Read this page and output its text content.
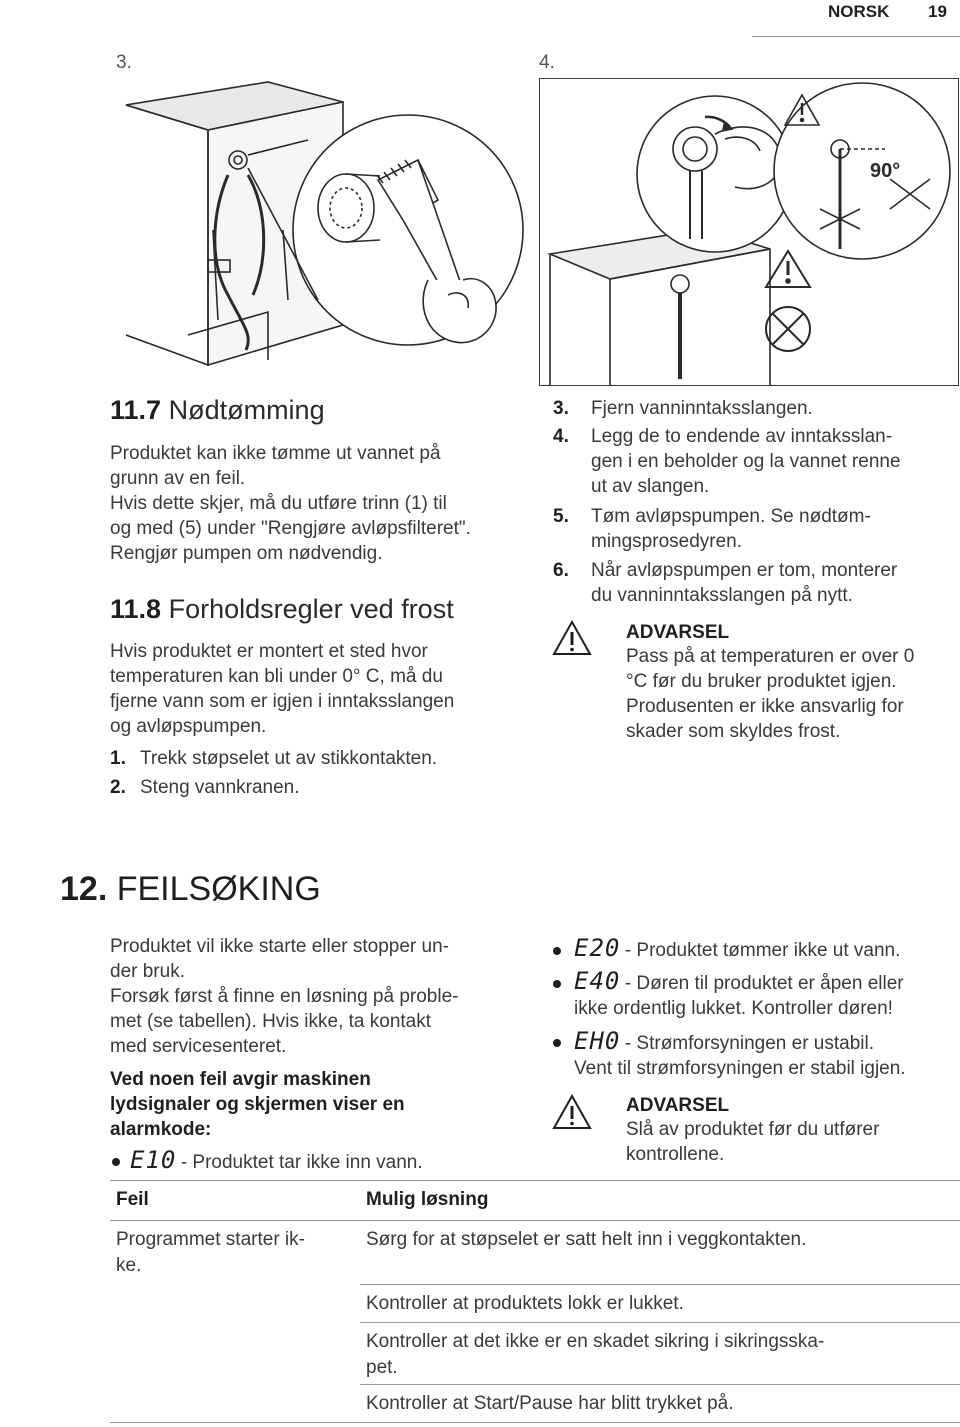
NORSK 19
3.	4.
90°
11.7 Nødtømming
Produktet kan ikke tømme ut vannet på
grunn av en feil.
Hvis dette skjer, må du utføre trinn (1) til
og med (5) under "Rengjøre avløpsfilteret".
Rengjør pumpen om nødvendig.
11.8 Forholdsregler ved frost
Hvis produktet er montert et sted hvor
temperaturen kan bli under 0° C, må du
fjerne vann som er igjen i inntaksslangen
og avløpspumpen.
1. Trekk støpselet ut av stikkontakten.
2. Steng vannkranen.
3. Fjern vanninntaksslangen.
4. Legg de to endende av inntaksslan-
gen i en beholder og la vannet renne
ut av slangen.
5. Tøm avløpspumpen. Se nødtøm-
mingsprosedyren.
6. Når avløpspumpen er tom, monterer
du vanninntaksslangen på nytt.
ADVARSEL
Pass på at temperaturen er over 0
°C før du bruker produktet igjen.
Produsenten er ikke ansvarlig for
skader som skyldes frost.
12. FEILSØKING
Produktet vil ikke starte eller stopper un-
der bruk.
Forsøk først å finne en løsning på proble-
met (se tabellen). Hvis ikke, ta kontakt
med servicesenteret.
Ved noen feil avgir maskinen
lydsignaler og skjermen viser en
alarmkode:
E10 - Produktet tar ikke inn vann.
E20 - Produktet tømmer ikke ut vann.
E40 - Døren til produktet er åpen eller
ikke ordentlig lukket. Kontroller døren!
EH0 - Strømforsyningen er ustabil.
Vent til strømforsyningen er stabil igjen.
ADVARSEL
Slå av produktet før du utfører
kontrollene.
Feil	Mulig løsning
Programmet starter ik-
ke.
Sørg for at støpselet er satt helt inn i veggkontakten.
Kontroller at produktets lokk er lukket.
Kontroller at det ikke er en skadet sikring i sikringsska-
pet.
Kontroller at Start/Pause har blitt trykket på.
